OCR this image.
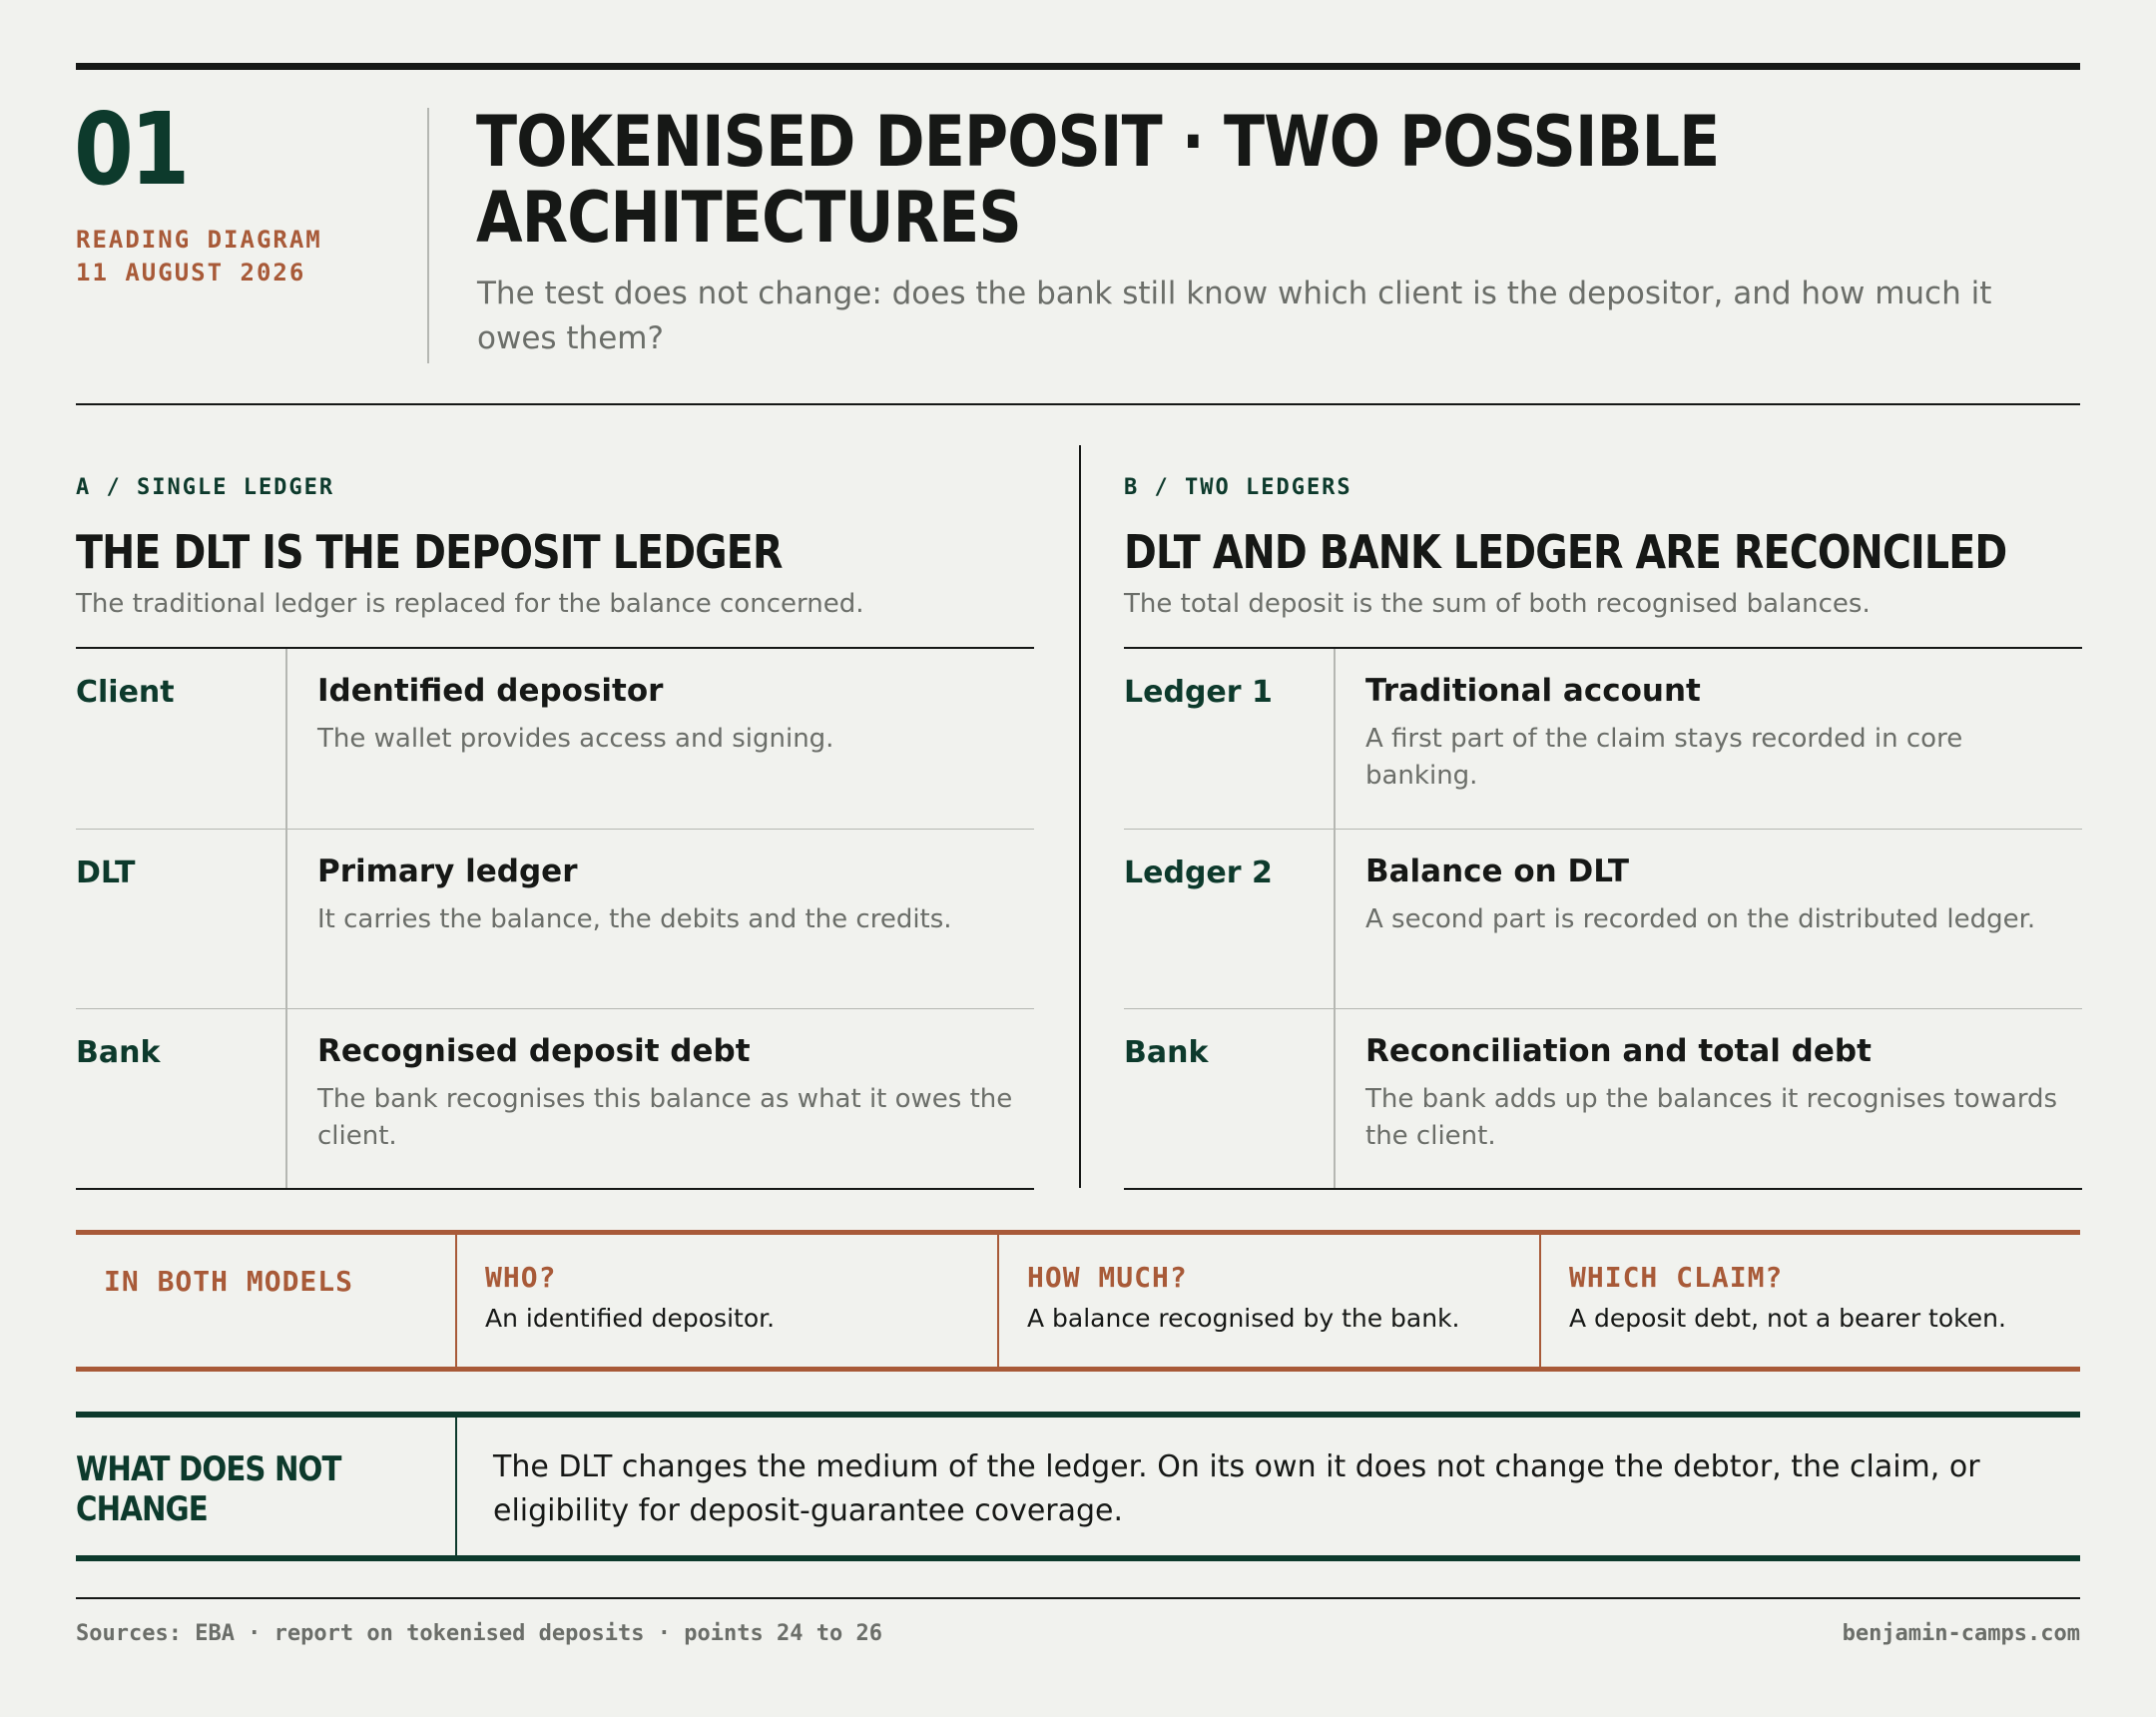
01
READING DIAGRAM
11 AUGUST 2026
TOKENISED DEPOSIT · TWO POSSIBLE
ARCHITECTURES
The test does not change: does the bank still know which client is the depositor, and how much it owes them?
A / SINGLE LEDGER
THE DLT IS THE DEPOSIT LEDGER
The traditional ledger is replaced for the balance concerned.
Client	Identified depositor
The wallet provides access and signing.
DLT	Primary ledger
It carries the balance, the debits and the credits.
Bank	Recognised deposit debt
The bank recognises this balance as what it owes the client.
B / TWO LEDGERS
DLT AND BANK LEDGER ARE RECONCILED
The total deposit is the sum of both recognised balances.
Ledger 1	Traditional account
A first part of the claim stays recorded in core banking.
Ledger 2	Balance on DLT
A second part is recorded on the distributed ledger.
Bank	Reconciliation and total debt
The bank adds up the balances it recognises towards the client.
IN BOTH MODELS	WHO?
An identified depositor.
HOW MUCH?
A balance recognised by the bank.
WHICH CLAIM?
A deposit debt, not a bearer token.
WHAT DOES NOT CHANGE
The DLT changes the medium of the ledger. On its own it does not change the debtor, the claim, or eligibility for deposit-guarantee coverage.
Sources: EBA · report on tokenised deposits · points 24 to 26	benjamin-camps.com
